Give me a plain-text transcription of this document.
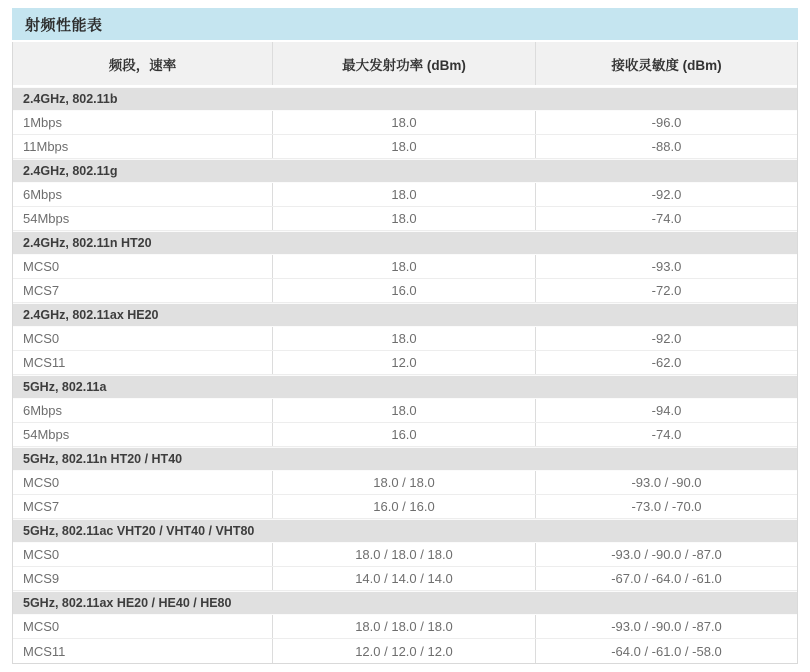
射频性能表
频段，速率	最大发射功率 (dBm)	接收灵敏度 (dBm)
2.4GHz, 802.11b
1Mbps	18.0	-96.0
11Mbps	18.0	-88.0
2.4GHz, 802.11g
6Mbps	18.0	-92.0
54Mbps	18.0	-74.0
2.4GHz, 802.11n HT20
MCS0	18.0	-93.0
MCS7	16.0	-72.0
2.4GHz, 802.11ax HE20
MCS0	18.0	-92.0
MCS11	12.0	-62.0
5GHz, 802.11a
6Mbps	18.0	-94.0
54Mbps	16.0	-74.0
5GHz, 802.11n HT20 / HT40
MCS0	18.0 / 18.0	-93.0 / -90.0
MCS7	16.0 / 16.0	-73.0 / -70.0
5GHz, 802.11ac VHT20 / VHT40 / VHT80
MCS0	18.0 / 18.0 / 18.0	-93.0 / -90.0 / -87.0
MCS9	14.0 / 14.0 / 14.0	-67.0 / -64.0 / -61.0
5GHz, 802.11ax HE20 / HE40 / HE80
MCS0	18.0 / 18.0 / 18.0	-93.0 / -90.0 / -87.0
MCS11	12.0 / 12.0 / 12.0	-64.0 / -61.0 / -58.0
